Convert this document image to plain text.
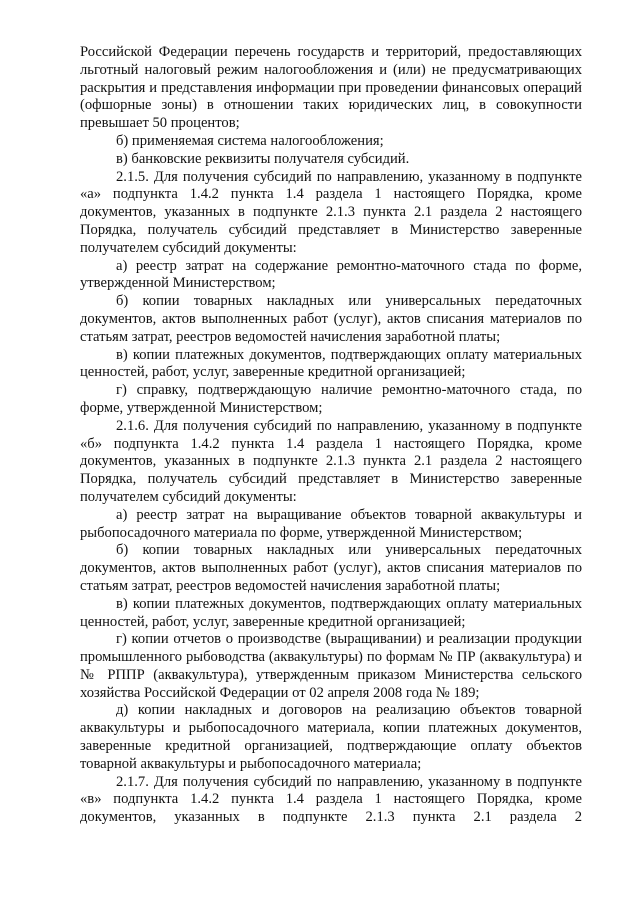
Российской Федерации перечень государств и территорий, предоставляющих льготный налоговый режим налогообложения и (или) не предусматривающих раскрытия и представления информации при проведении финансовых операций (офшорные зоны) в отношении таких юридических лиц, в совокупности превышает 50 процентов;

б) применяемая система налогообложения;

в) банковские реквизиты получателя субсидий.

2.1.5. Для получения субсидий по направлению, указанному в подпункте «а» подпункта 1.4.2 пункта 1.4 раздела 1 настоящего Порядка, кроме документов, указанных в подпункте 2.1.3 пункта 2.1 раздела 2 настоящего Порядка, получатель субсидий представляет в Министерство заверенные получателем субсидий документы:

а) реестр затрат на содержание ремонтно-маточного стада по форме, утвержденной Министерством;

б) копии товарных накладных или универсальных передаточных документов, актов выполненных работ (услуг), актов списания материалов по статьям затрат, реестров ведомостей начисления заработной платы;

в) копии платежных документов, подтверждающих оплату материальных ценностей, работ, услуг, заверенные кредитной организацией;

г) справку, подтверждающую наличие ремонтно-маточного стада, по форме, утвержденной Министерством;

2.1.6. Для получения субсидий по направлению, указанному в подпункте «б» подпункта 1.4.2 пункта 1.4 раздела 1 настоящего Порядка, кроме документов, указанных в подпункте 2.1.3 пункта 2.1 раздела 2 настоящего Порядка, получатель субсидий представляет в Министерство заверенные получателем субсидий документы:

а) реестр затрат на выращивание объектов товарной аквакультуры и рыбопосадочного материала по форме, утвержденной Министерством;

б) копии товарных накладных или универсальных передаточных документов, актов выполненных работ (услуг), актов списания материалов по статьям затрат, реестров ведомостей начисления заработной платы;

в) копии платежных документов, подтверждающих оплату материальных ценностей, работ, услуг, заверенные кредитной организацией;

г) копии отчетов о производстве (выращивании) и реализации продукции промышленного рыбоводства (аквакультуры) по формам № ПР (аквакультура) и № РППР (аквакультура), утвержденным приказом Министерства сельского хозяйства Российской Федерации от 02 апреля 2008 года № 189;

д) копии накладных и договоров на реализацию объектов товарной аквакультуры и рыбопосадочного материала, копии платежных документов, заверенные кредитной организацией, подтверждающие оплату объектов товарной аквакультуры и рыбопосадочного материала;

2.1.7. Для получения субсидий по направлению, указанному в подпункте «в» подпункта 1.4.2 пункта 1.4 раздела 1 настоящего Порядка, кроме документов, указанных в подпункте 2.1.3 пункта 2.1 раздела 2
